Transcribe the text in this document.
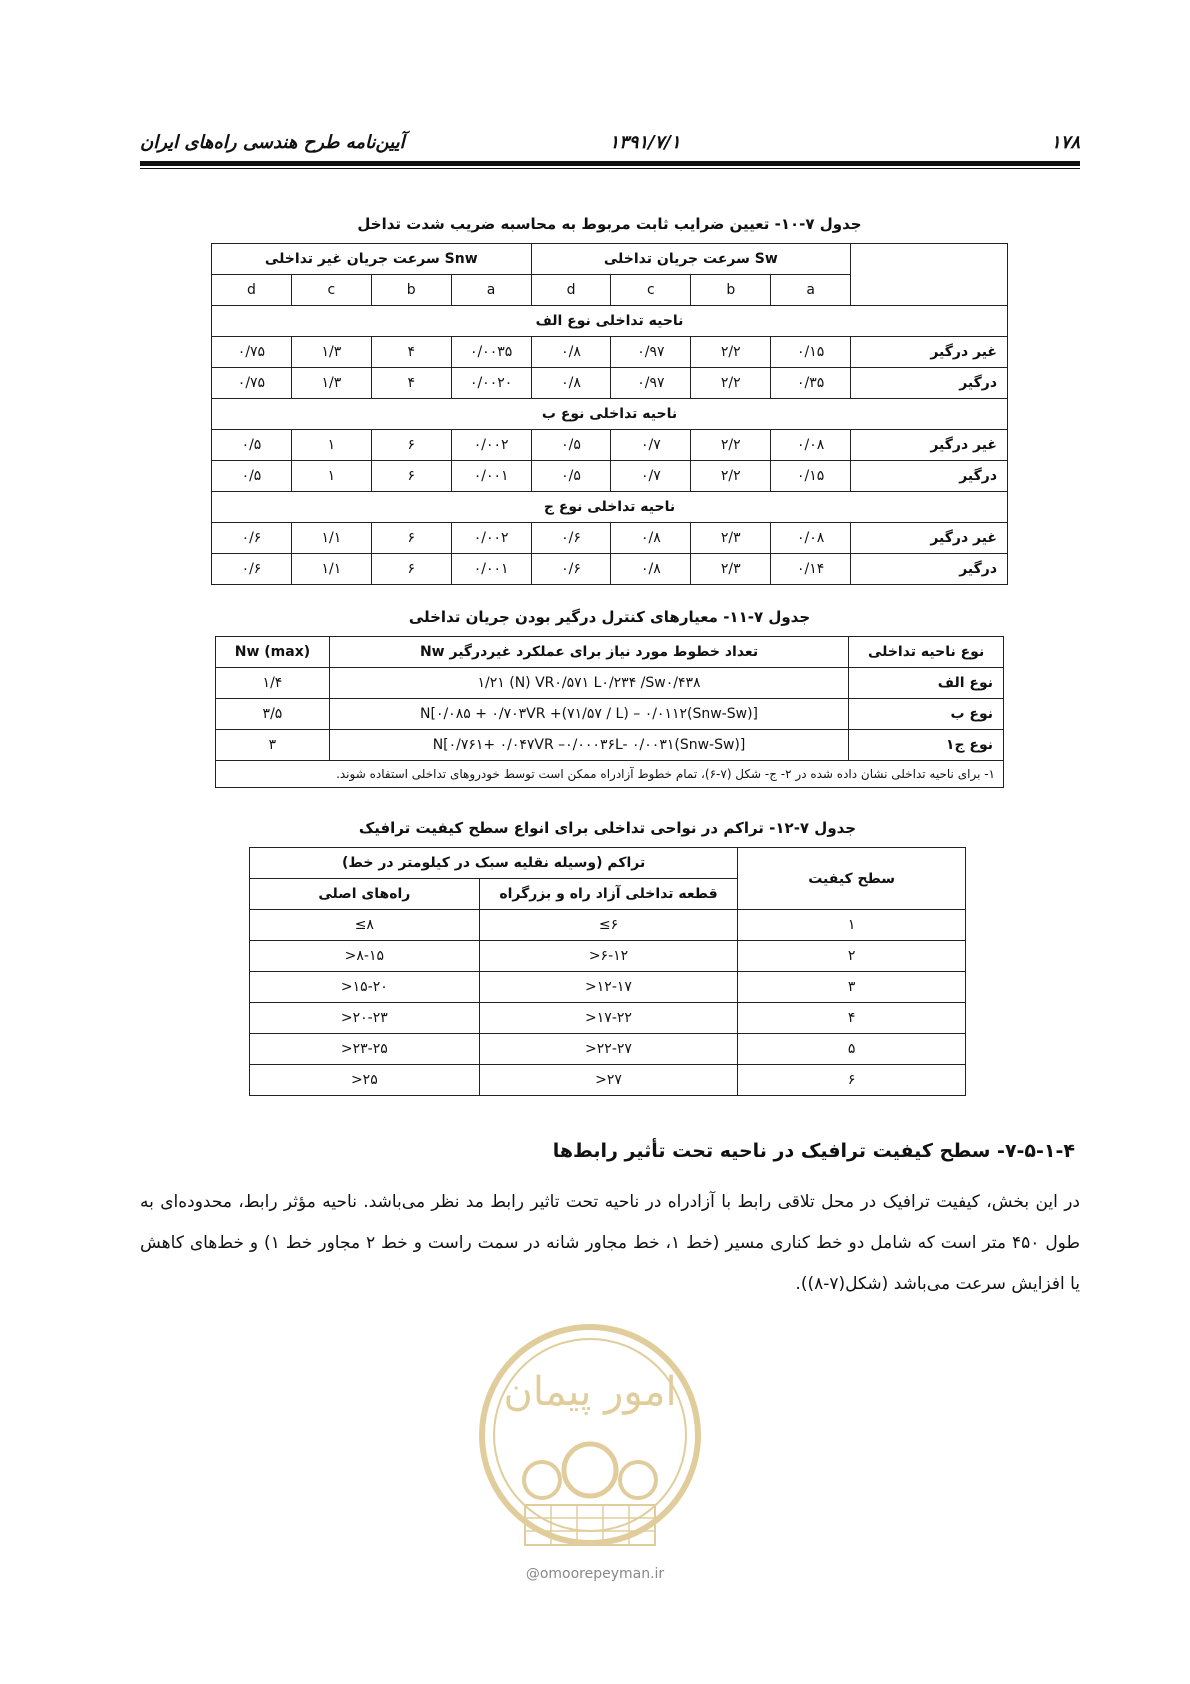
۱۷۸
۱۳۹۱/۷/۱
آیین‌نامه طرح هندسی راه‌های ایران
جدول ۷-۱۰- تعیین ضرایب ثابت مربوط به محاسبه ضریب شدت تداخل
Snw سرعت جریان غیر تداخلی				Sw سرعت جریان تداخلی				
d	c	b	a	d	c	b	a	
ناحیه تداخلی نوع الف								
۰/۷۵	۱/۳	۴	۰/۰۰۳۵	۰/۸	۰/۹۷	۲/۲	۰/۱۵	غیر درگیر
۰/۷۵	۱/۳	۴	۰/۰۰۲۰	۰/۸	۰/۹۷	۲/۲	۰/۳۵	درگیر
ناحیه تداخلی نوع ب								
۰/۵	۱	۶	۰/۰۰۲	۰/۵	۰/۷	۲/۲	۰/۰۸	غیر درگیر
۰/۵	۱	۶	۰/۰۰۱	۰/۵	۰/۷	۲/۲	۰/۱۵	درگیر
ناحیه تداخلی نوع ج								
۰/۶	۱/۱	۶	۰/۰۰۲	۰/۶	۰/۸	۲/۳	۰/۰۸	غیر درگیر
۰/۶	۱/۱	۶	۰/۰۰۱	۰/۶	۰/۸	۲/۳	۰/۱۴	درگیر
جدول ۷-۱۱- معیارهای کنترل درگیر بودن جریان تداخلی
Nw (max)	تعداد خطوط مورد نیاز برای عملکرد غیردرگیر Nw	نوع ناحیه تداخلی
۱/۴	۱/۲۱ (N) VR۰/۵۷۱ L۰/۲۳۴ /Sw۰/۴۳۸	نوع الف
۳/۵	N[۰/۰۸۵ + ۰/۷۰۳VR +(۷۱/۵۷ / L) – ۰/۰۱۱۲(Snw-Sw)]	نوع ب
۳	N[۰/۷۶۱+ ۰/۰۴۷VR –۰/۰۰۰۳۶L- ۰/۰۰۳۱(Snw-Sw)]	نوع ج۱
۱- برای ناحیه تداخلی نشان داده شده در ۲- ج- شکل (۷-۶)، تمام خطوط آزادراه ممکن است توسط خودروهای تداخلی استفاده شوند.		
جدول ۷-۱۲- تراکم در نواحی تداخلی برای انواع سطح کیفیت ترافیک
تراکم (وسیله نقلیه سبک در کیلومتر در خط)		سطح کیفیت
راه‌های اصلی	قطعه تداخلی آزاد راه و بزرگراه	
≤۸	≤۶	۱
>۸-۱۵	>۶-۱۲	۲
>۱۵-۲۰	>۱۲-۱۷	۳
>۲۰-۲۳	>۱۷-۲۲	۴
>۲۳-۲۵	>۲۲-۲۷	۵
>۲۵	>۲۷	۶
۷-۵-۱-۴- سطح کیفیت ترافیک در ناحیه تحت تأثیر رابط‌ها
در این بخش، کیفیت ترافیک در محل تلاقی رابط با آزادراه در ناحیه تحت تاثیر رابط مد نظر می‌باشد. ناحیه مؤثر رابط، محدوده‌ای به طول ۴۵۰ متر است که شامل دو خط کناری مسیر (خط ۱، خط مجاور شانه در سمت راست و خط ۲ مجاور خط ۱) و خط‌های کاهش یا افزایش سرعت می‌باشد (شکل(۷-۸)).
امور پیمان
@omoorepeyman.ir
